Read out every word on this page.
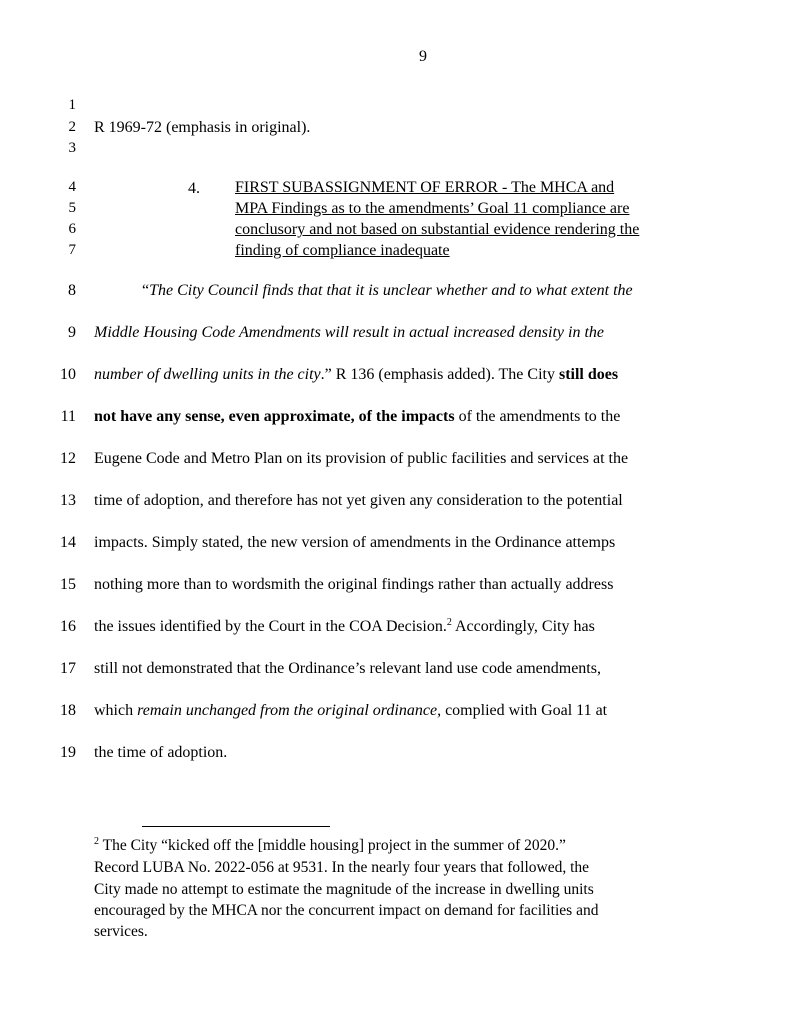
9
1
2
3
4
5
6
7
8
9
10
11
12
13
14
15
16
17
18
19
R 1969-72 (emphasis in original).
4. FIRST SUBASSIGNMENT OF ERROR - The MHCA and
MPA Findings as to the amendments’ Goal 11 compliance are
conclusory and not based on substantial evidence rendering the
finding of compliance inadequate
“The City Council finds that that it is unclear whether and to what extent the
Middle Housing Code Amendments will result in actual increased density in the
number of dwelling units in the city.” R 136 (emphasis added). The City still does
not have any sense, even approximate, of the impacts of the amendments to the
Eugene Code and Metro Plan on its provision of public facilities and services at the
time of adoption, and therefore has not yet given any consideration to the potential
impacts. Simply stated, the new version of amendments in the Ordinance attemps
nothing more than to wordsmith the original findings rather than actually address
the issues identified by the Court in the COA Decision.$^2$ Accordingly, City has
still not demonstrated that the Ordinance’s relevant land use code amendments,
which remain unchanged from the original ordinance, complied with Goal 11 at
the time of adoption.
$^2$ The City “kicked off the [middle housing] project in the summer of 2020.”
Record LUBA No. 2022-056 at 9531. In the nearly four years that followed, the
City made no attempt to estimate the magnitude of the increase in dwelling units
encouraged by the MHCA nor the concurrent impact on demand for facilities and
services.
